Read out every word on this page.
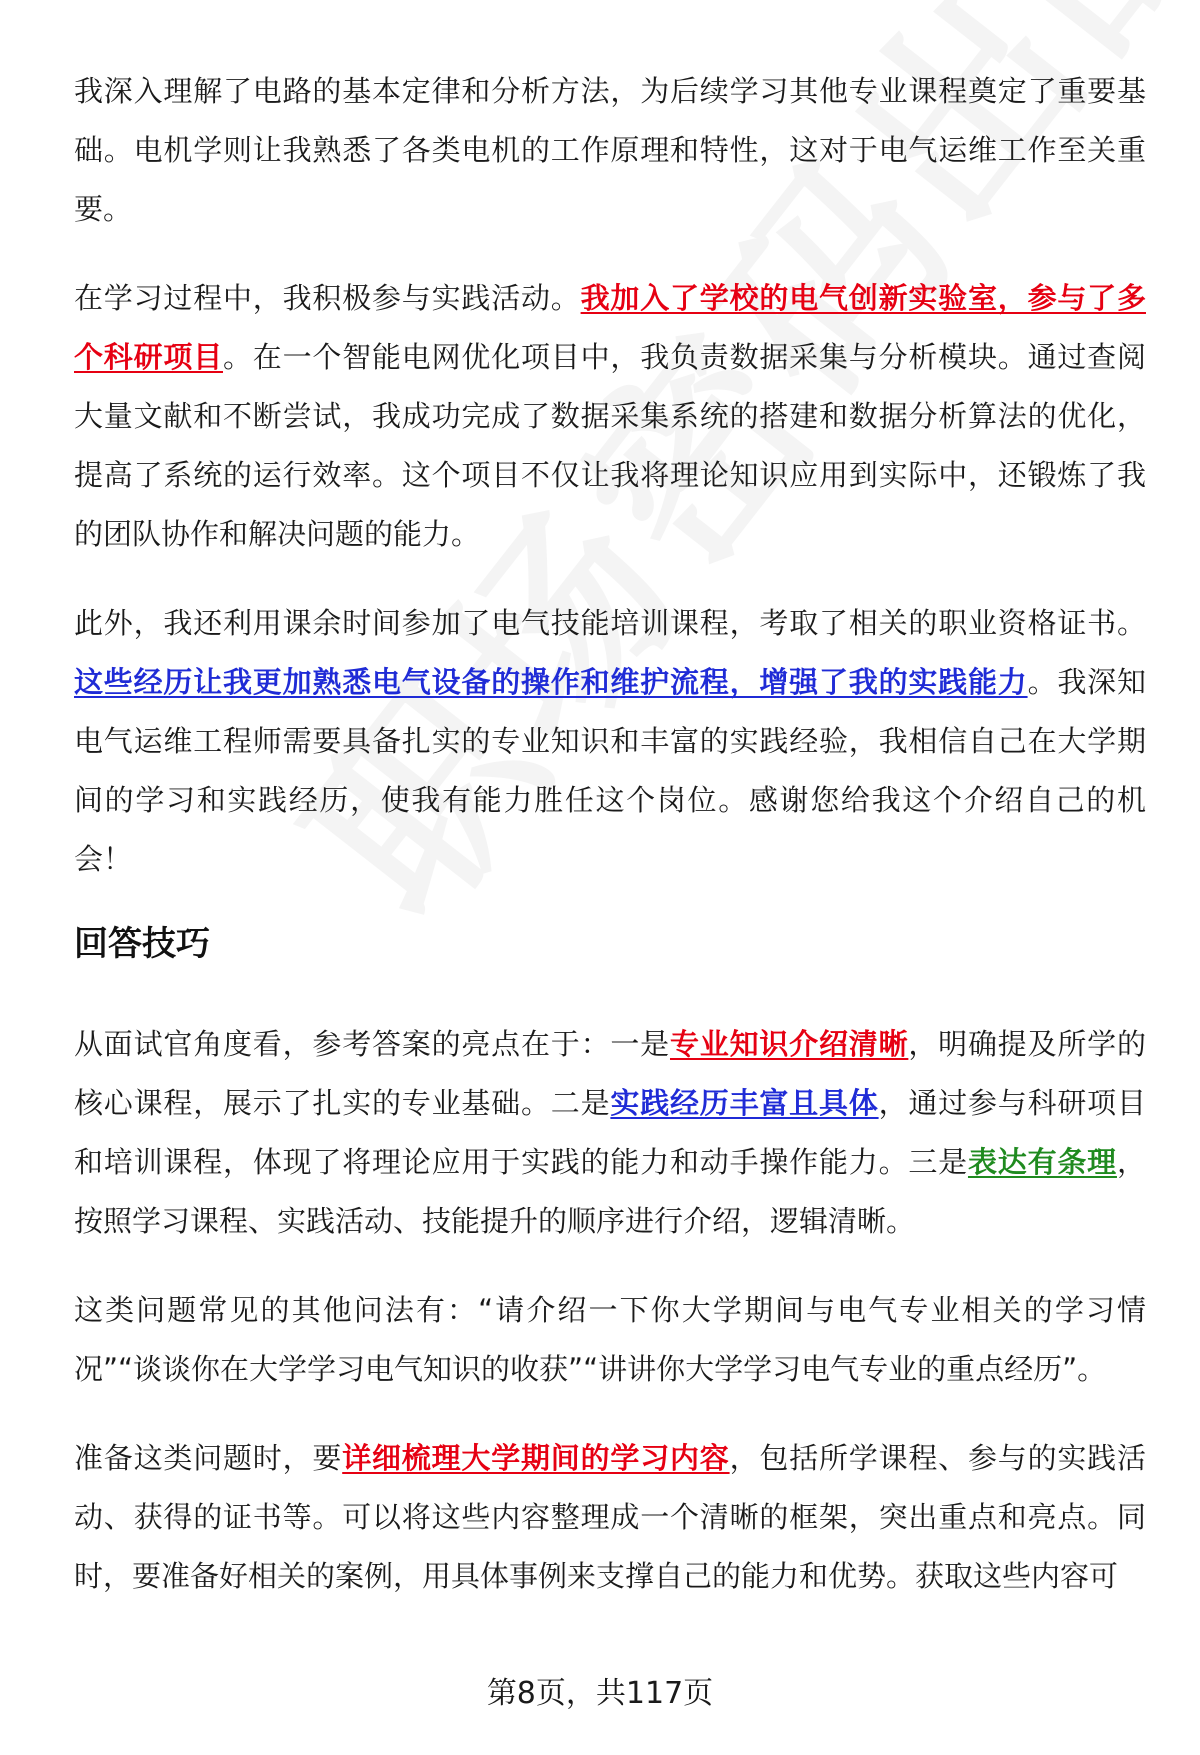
我深入理解了电路的基本定律和分析方法，为后续学习其他专业课程奠定了重要基础。电机学则让我熟悉了各类电机的工作原理和特性，这对于电气运维工作至关重要。

在学习过程中，我积极参与实践活动。我加入了学校的电气创新实验室，参与了多个科研项目。在一个智能电网优化项目中，我负责数据采集与分析模块。通过查阅大量文献和不断尝试，我成功完成了数据采集系统的搭建和数据分析算法的优化，提高了系统的运行效率。这个项目不仅让我将理论知识应用到实际中，还锻炼了我的团队协作和解决问题的能力。

此外，我还利用课余时间参加了电气技能培训课程，考取了相关的职业资格证书。这些经历让我更加熟悉电气设备的操作和维护流程，增强了我的实践能力。我深知电气运维工程师需要具备扎实的专业知识和丰富的实践经验，我相信自己在大学期间的学习和实践经历，使我有能力胜任这个岗位。感谢您给我这个介绍自己的机会！

回答技巧

从面试官角度看，参考答案的亮点在于：一是专业知识介绍清晰，明确提及所学的核心课程，展示了扎实的专业基础。二是实践经历丰富且具体，通过参与科研项目和培训课程，体现了将理论应用于实践的能力和动手操作能力。三是表达有条理，按照学习课程、实践活动、技能提升的顺序进行介绍，逻辑清晰。

这类问题常见的其他问法有：“请介绍一下你大学期间与电气专业相关的学习情况”“谈谈你在大学学习电气知识的收获”“讲讲你大学学习电气专业的重点经历”。

准备这类问题时，要详细梳理大学期间的学习内容，包括所学课程、参与的实践活动、获得的证书等。可以将这些内容整理成一个清晰的框架，突出重点和亮点。同时，要准备好相关的案例，用具体事例来支撑自己的能力和优势。获取这些内容可

第8页，共117页
